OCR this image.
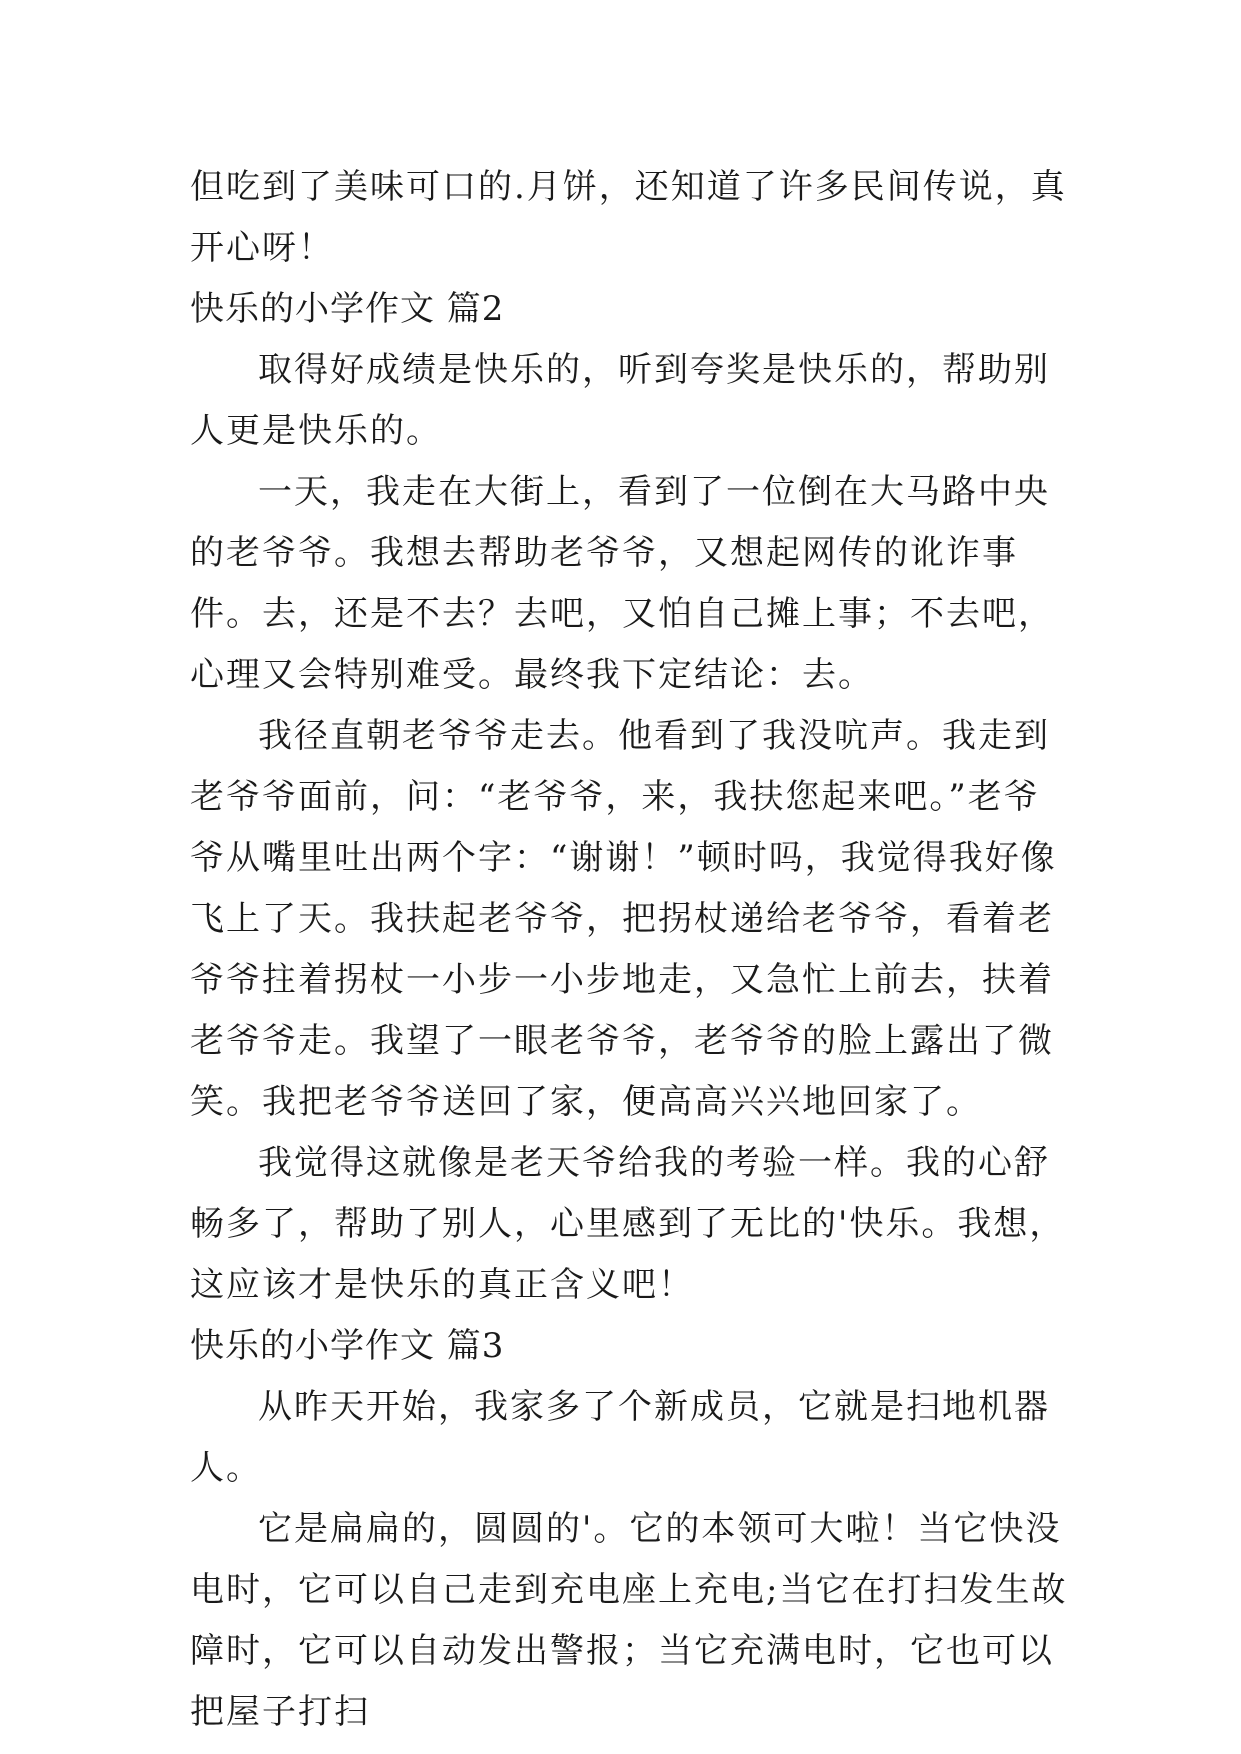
但吃到了美味可口的.月饼，还知道了许多民间传说，真开心呀！

快乐的小学作文 篇2

取得好成绩是快乐的，听到夸奖是快乐的，帮助别人更是快乐的。

一天，我走在大街上，看到了一位倒在大马路中央的老爷爷。我想去帮助老爷爷，又想起网传的讹诈事件。去，还是不去？去吧，又怕自己摊上事；不去吧，心理又会特别难受。最终我下定结论：去。

我径直朝老爷爷走去。他看到了我没吭声。我走到老爷爷面前，问：“老爷爷，来，我扶您起来吧。”老爷爷从嘴里吐出两个字：“谢谢！”顿时吗，我觉得我好像飞上了天。我扶起老爷爷，把拐杖递给老爷爷，看着老爷爷拄着拐杖一小步一小步地走，又急忙上前去，扶着老爷爷走。我望了一眼老爷爷，老爷爷的脸上露出了微笑。我把老爷爷送回了家，便高高兴兴地回家了。

我觉得这就像是老天爷给我的考验一样。我的心舒畅多了，帮助了别人，心里感到了无比的'快乐。我想，这应该才是快乐的真正含义吧！

快乐的小学作文 篇3

从昨天开始，我家多了个新成员，它就是扫地机器人。

它是扁扁的，圆圆的'。它的本领可大啦！当它快没电时，它可以自己走到充电座上充电;当它在打扫发生故障时，它可以自动发出警报；当它充满电时，它也可以把屋子打扫
